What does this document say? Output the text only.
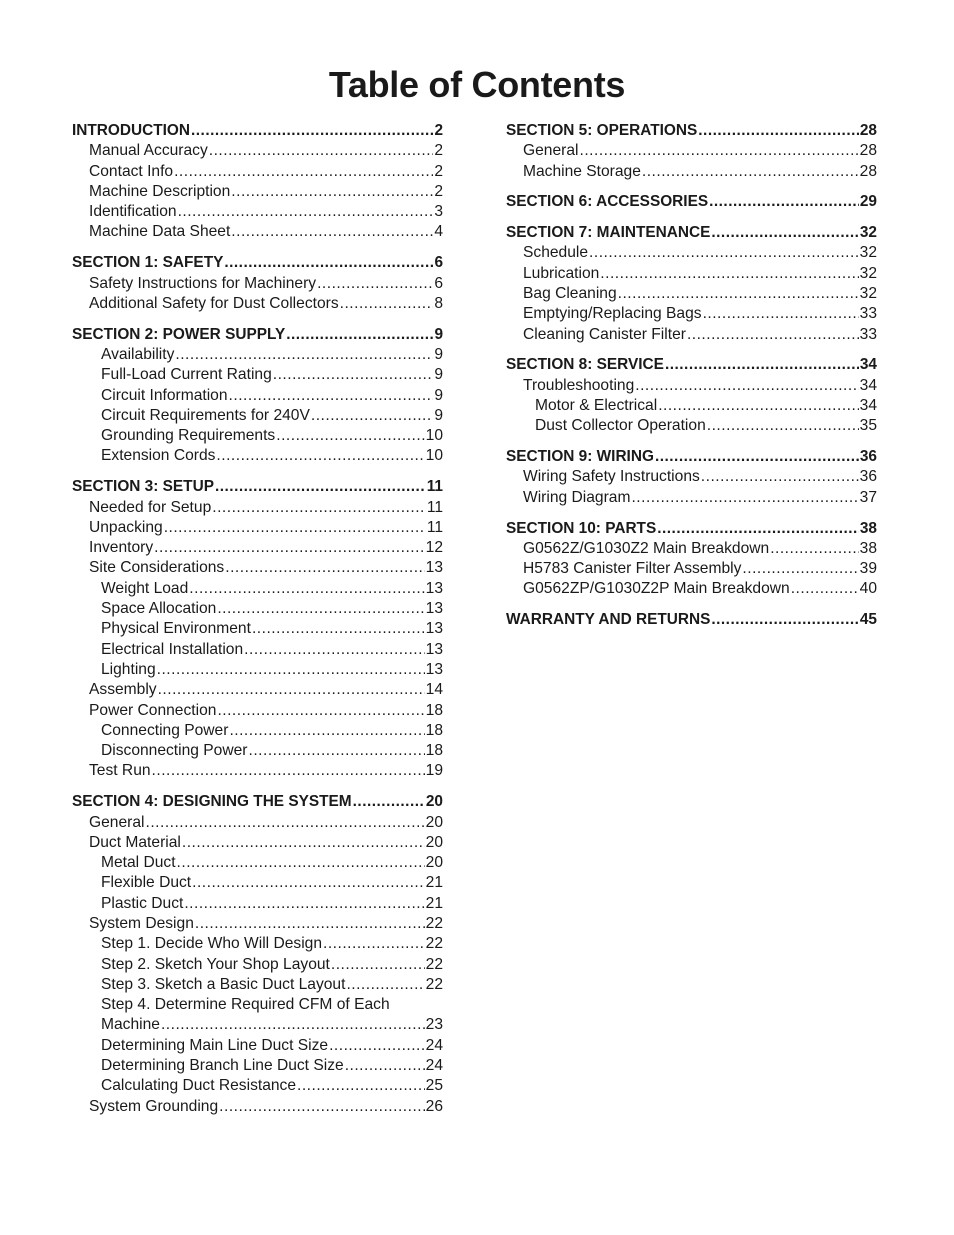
Table of Contents
INTRODUCTION .....	2
Manual Accuracy .....	2
Contact Info .....	2
Machine Description .....	2
Identification .....	3
Machine Data Sheet .....	4
SECTION 1: SAFETY .....	6
Safety Instructions for Machinery .....	6
Additional Safety for Dust Collectors .....	8
SECTION 2: POWER SUPPLY .....	9
Availability .....	9
Full-Load Current Rating .....	9
Circuit Information .....	9
Circuit Requirements for 240V .....	9
Grounding Requirements .....	10
Extension Cords .....	10
SECTION 3: SETUP .....	11
Needed for Setup .....	11
Unpacking .....	11
Inventory .....	12
Site Considerations .....	13
Weight Load .....	13
Space Allocation .....	13
Physical Environment .....	13
Electrical Installation .....	13
Lighting .....	13
Assembly .....	14
Power Connection .....	18
Connecting Power .....	18
Disconnecting Power .....	18
Test Run .....	19
SECTION 4: DESIGNING THE SYSTEM .....	20
General .....	20
Duct Material .....	20
Metal Duct .....	20
Flexible Duct .....	21
Plastic Duct .....	21
System Design .....	22
Step 1. Decide Who Will Design .....	22
Step 2. Sketch Your Shop Layout .....	22
Step 3. Sketch a Basic Duct Layout .....	22
Step 4. Determine Required CFM of Each
Machine .....	23
Determining Main Line Duct Size .....	24
Determining Branch Line Duct Size .....	24
Calculating Duct Resistance .....	25
System Grounding .....	26
SECTION 5: OPERATIONS .....	28
General .....	28
Machine Storage .....	28
SECTION 6: ACCESSORIES .....	29
SECTION 7: MAINTENANCE .....	32
Schedule .....	32
Lubrication .....	32
Bag Cleaning .....	32
Emptying/Replacing Bags .....	33
Cleaning Canister Filter .....	33
SECTION 8: SERVICE .....	34
Troubleshooting .....	34
Motor & Electrical .....	34
Dust Collector Operation .....	35
SECTION 9: WIRING .....	36
Wiring Safety Instructions .....	36
Wiring Diagram .....	37
SECTION 10: PARTS .....	38
G0562Z/G1030Z2 Main Breakdown .....	38
H5783 Canister Filter Assembly .....	39
G0562ZP/G1030Z2P Main Breakdown .....	40
WARRANTY AND RETURNS .....	45
